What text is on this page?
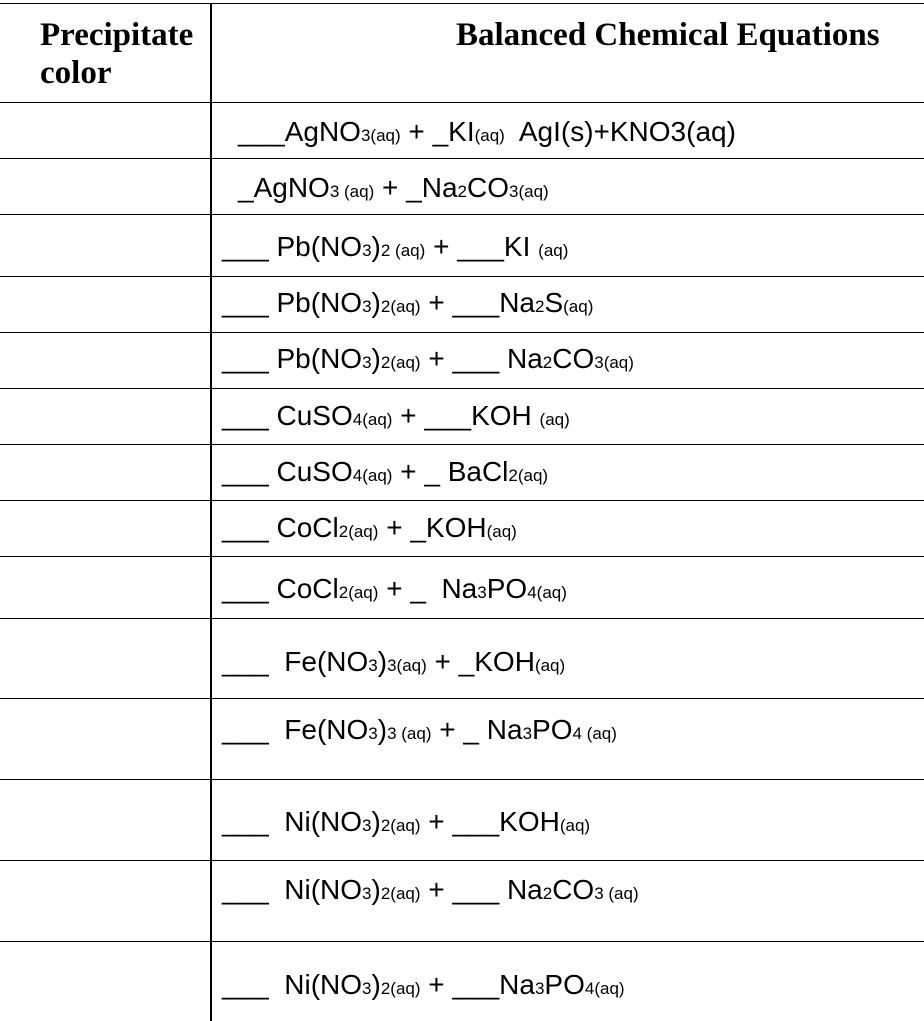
Precipitate color
Balanced Chemical Equations
___AgNO3(aq) + _KI(aq)  AgI(s)+KNO3(aq)
_AgNO3 (aq) + _Na2CO3(aq)
___ Pb(NO3)2 (aq) + ___KI (aq)
___ Pb(NO3)2(aq) + ___Na2S(aq)
___ Pb(NO3)2(aq) + ___ Na2CO3(aq)
___ CuSO4(aq) + ___KOH (aq)
___ CuSO4(aq) + _ BaCl2(aq)
___ CoCl2(aq) + _KOH(aq)
___ CoCl2(aq) + _  Na3PO4(aq)
___  Fe(NO3)3(aq) + _KOH(aq)
___  Fe(NO3)3 (aq) + _ Na3PO4 (aq)
___  Ni(NO3)2(aq) + ___KOH(aq)
___  Ni(NO3)2(aq) + ___ Na2CO3 (aq)
___  Ni(NO3)2(aq) + ___Na3PO4(aq)
